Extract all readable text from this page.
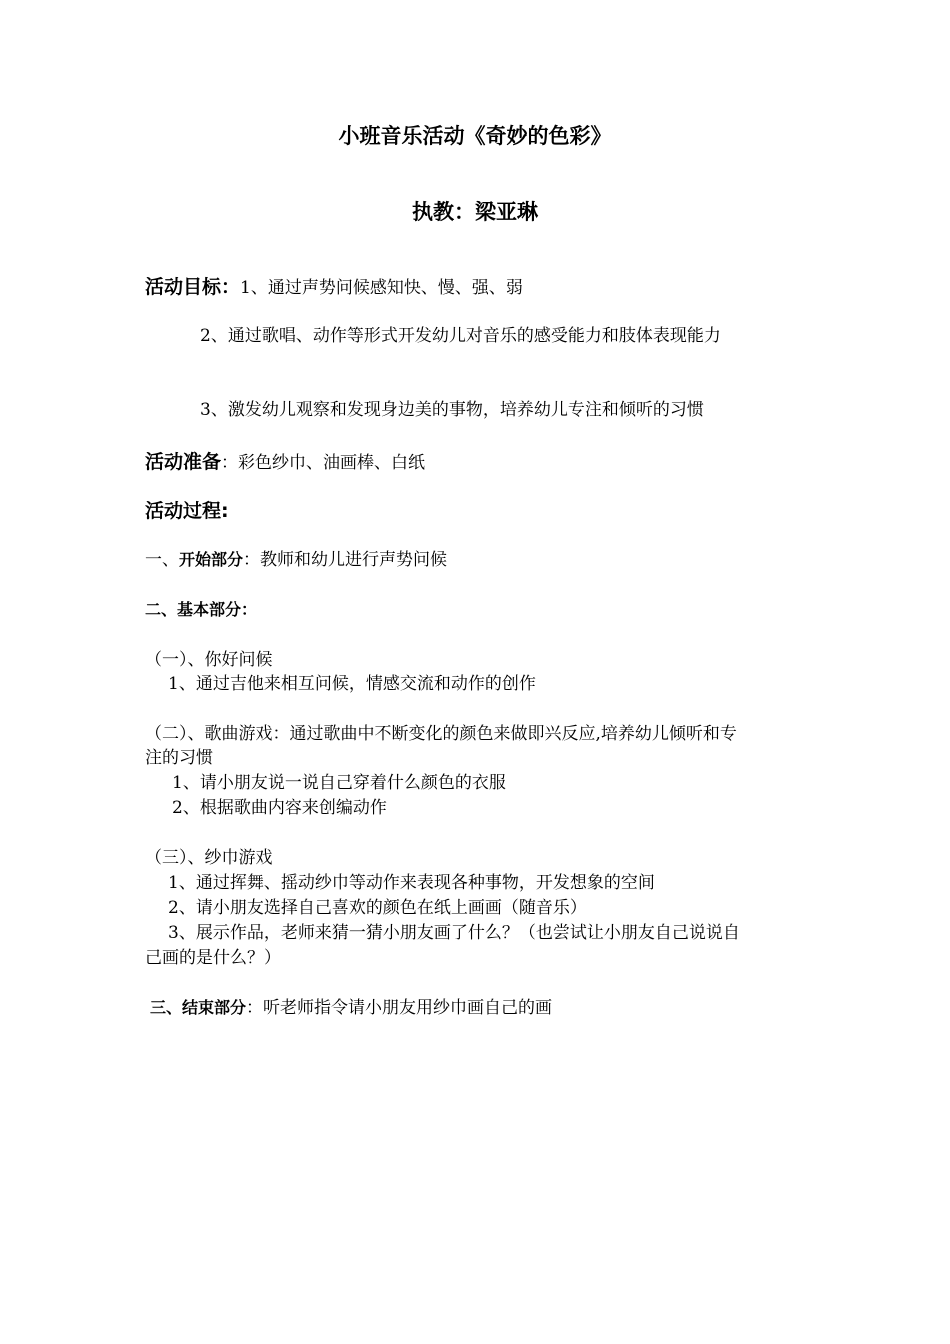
小班音乐活动《奇妙的色彩》
执教：梁亚琳
活动目标：1、通过声势问候感知快、慢、强、弱
2、通过歌唱、动作等形式开发幼儿对音乐的感受能力和肢体表现能力
3、激发幼儿观察和发现身边美的事物，培养幼儿专注和倾听的习惯
活动准备：彩色纱巾、油画棒、白纸
活动过程:
一、开始部分：教师和幼儿进行声势问候
二、基本部分：
（一）、你好问候
1、通过吉他来相互问候，情感交流和动作的创作
（二）、歌曲游戏：通过歌曲中不断变化的颜色来做即兴反应,培养幼儿倾听和专
注的习惯
1、请小朋友说一说自己穿着什么颜色的衣服
2、根据歌曲内容来创编动作
（三）、纱巾游戏
1、通过挥舞、摇动纱巾等动作来表现各种事物，开发想象的空间
2、请小朋友选择自己喜欢的颜色在纸上画画（随音乐）
3、展示作品，老师来猜一猜小朋友画了什么？（也尝试让小朋友自己说说自
己画的是什么？）
三、结束部分：听老师指令请小朋友用纱巾画自己的画
